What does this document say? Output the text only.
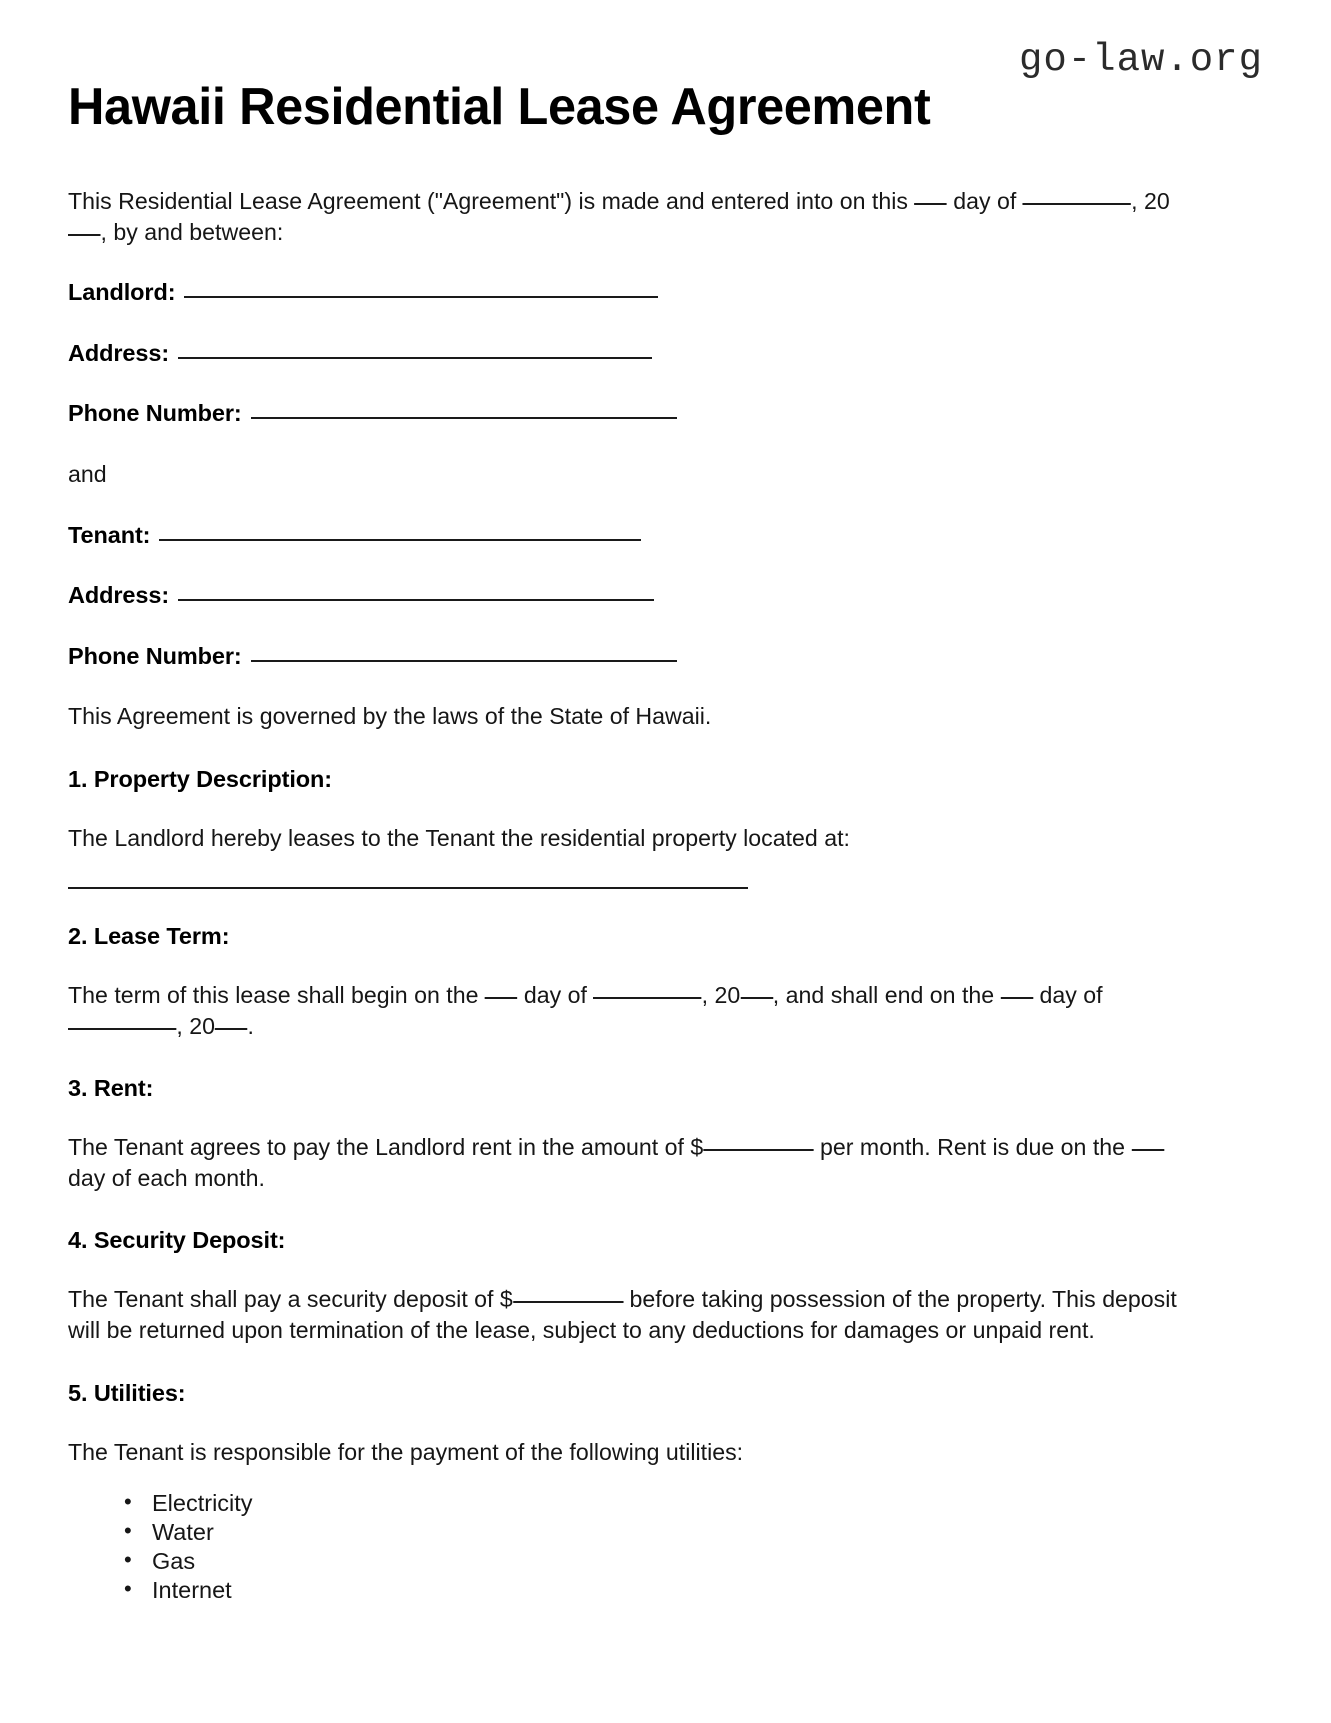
go-law.org
Hawaii Residential Lease Agreement

This Residential Lease Agreement ("Agreement") is made and entered into on this  day of	, 20, by and between:

Landlord:
Address:
Phone Number:

and

Tenant:
Address:
Phone Number:

This Agreement is governed by the laws of the State of Hawaii.

1. Property Description:

The Landlord hereby leases to the Tenant the residential property located at:

2. Lease Term:

The term of this lease shall begin on the  day of	, 20 , and shall end on the  day of , 20 .

3. Rent:

The Tenant agrees to pay the Landlord rent in the amount of $	per month. Rent is due on the  day of each month.

4. Security Deposit:

The Tenant shall pay a security deposit of $	before taking possession of the property. This deposit will be returned upon termination of the lease, subject to any deductions for damages or unpaid rent.

5. Utilities:

The Tenant is responsible for the payment of the following utilities:

• Electricity
• Water
• Gas
• Internet
